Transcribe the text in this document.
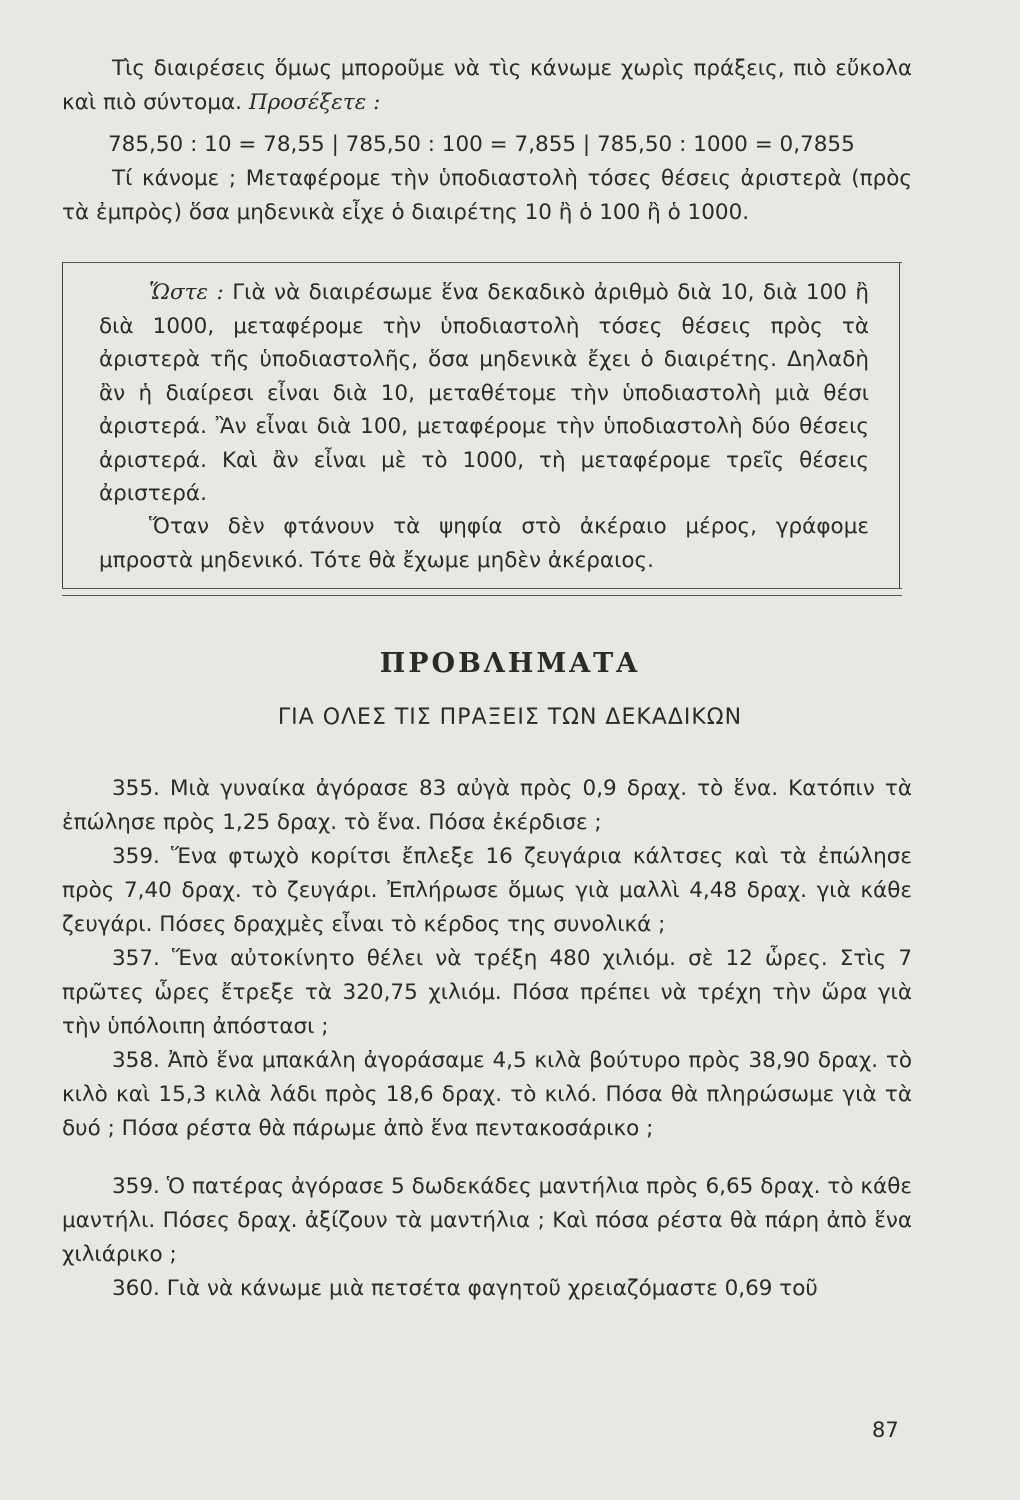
Τὶς διαιρέσεις ὅμως μποροῦμε νὰ τὶς κάνωμε χωρὶς πράξεις, πιὸ εὔκολα καὶ πιὸ σύντομα. Προσέξετε :

785,50 : 10 = 78,55 | 785,50 : 100 = 7,855 | 785,50 : 1000 = 0,7855

Τί κάνομε ; Μεταφέρομε τὴν ὑποδιαστολὴ τόσες θέσεις ἀριστερὰ (πρὸς τὰ ἐμπρὸς) ὅσα μηδενικὰ εἶχε ὁ διαιρέτης 10 ἢ ὁ 100 ἢ ὁ 1000.

Ὥστε : Γιὰ νὰ διαιρέσωμε ἕνα δεκαδικὸ ἀριθμὸ διὰ 10, διὰ 100 ἢ διὰ 1000, μεταφέρομε τὴν ὑποδιαστολὴ τόσες θέσεις πρὸς τὰ ἀριστερὰ τῆς ὑποδιαστολῆς, ὅσα μηδενικὰ ἔχει ὁ διαιρέτης. Δηλαδὴ ἂν ἡ διαίρεσι εἶναι διὰ 10, μεταθέτομε τὴν ὑποδιαστολὴ μιὰ θέσι ἀριστερά. Ἂν εἶναι διὰ 100, μεταφέρομε τὴν ὑποδιαστολὴ δύο θέσεις ἀριστερά. Καὶ ἂν εἶναι μὲ τὸ 1000, τὴ μεταφέρομε τρεῖς θέσεις ἀριστερά.

Ὅταν δὲν φτάνουν τὰ ψηφία στὸ ἀκέραιο μέρος, γράφομε μπροστὰ μηδενικό. Τότε θὰ ἔχωμε μηδὲν ἀκέραιος.

ΠΡΟΒΛΗΜΑΤΑ
ΓΙΑ ΟΛΕΣ ΤΙΣ ΠΡΑΞΕΙΣ ΤΩΝ ΔΕΚΑΔΙΚΩΝ

355. Μιὰ γυναίκα ἀγόρασε 83 αὐγὰ πρὸς 0,9 δραχ. τὸ ἕνα. Κατόπιν τὰ ἐπώλησε πρὸς 1,25 δραχ. τὸ ἕνα. Πόσα ἐκέρδισε ;

359. Ἕνα φτωχὸ κορίτσι ἔπλεξε 16 ζευγάρια κάλτσες καὶ τὰ ἐπώλησε πρὸς 7,40 δραχ. τὸ ζευγάρι. Ἐπλήρωσε ὅμως γιὰ μαλλὶ 4,48 δραχ. γιὰ κάθε ζευγάρι. Πόσες δραχμὲς εἶναι τὸ κέρδος της συνολικά ;

357. Ἕνα αὐτοκίνητο θέλει νὰ τρέξη 480 χιλιόμ. σὲ 12 ὧρες. Στὶς 7 πρῶτες ὧρες ἔτρεξε τὰ 320,75 χιλιόμ. Πόσα πρέπει νὰ τρέχη τὴν ὥρα γιὰ τὴν ὑπόλοιπη ἀπόστασι ;

358. Ἀπὸ ἕνα μπακάλη ἀγοράσαμε 4,5 κιλὰ βούτυρο πρὸς 38,90 δραχ. τὸ κιλὸ καὶ 15,3 κιλὰ λάδι πρὸς 18,6 δραχ. τὸ κιλό. Πόσα θὰ πληρώσωμε γιὰ τὰ δυό ; Πόσα ρέστα θὰ πάρωμε ἀπὸ ἕνα πεντακοσάρικο ;

359. Ὁ πατέρας ἀγόρασε 5 δωδεκάδες μαντήλια πρὸς 6,65 δραχ. τὸ κάθε μαντήλι. Πόσες δραχ. ἀξίζουν τὰ μαντήλια ; Καὶ πόσα ρέστα θὰ πάρη ἀπὸ ἕνα χιλιάρικο ;

360. Γιὰ νὰ κάνωμε μιὰ πετσέτα φαγητοῦ χρειαζόμαστε 0,69 τοῦ

87
